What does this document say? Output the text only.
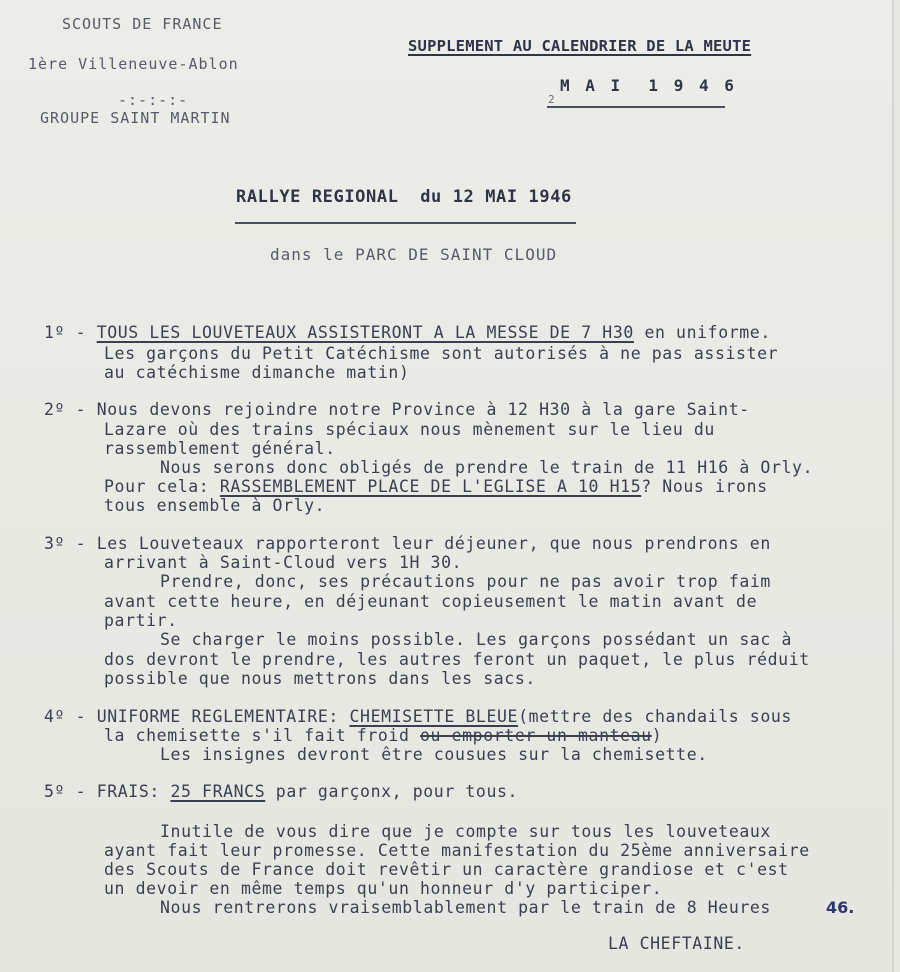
SCOUTS DE FRANCE
1ère Villeneuve-Ablon
-:-:-:-
GROUPE SAINT MARTIN
SUPPLEMENT AU CALENDRIER DE LA MEUTE
M A I  1 9 4 6
2
RALLYE REGIONAL  du 12 MAI 1946
dans le PARC DE SAINT CLOUD
1º - TOUS LES LOUVETEAUX ASSISTERONT A LA MESSE DE 7 H30 en uniforme.
Les garçons du Petit Catéchisme sont autorisés à ne pas assister
au catéchisme dimanche matin)
2º - Nous devons rejoindre notre Province à 12 H30 à la gare Saint-
Lazare où des trains spéciaux nous mènement sur le lieu du
rassemblement général.
Nous serons donc obligés de prendre le train de 11 H16 à Orly.
Pour cela: RASSEMBLEMENT PLACE DE L'EGLISE A 10 H15? Nous irons
tous ensemble à Orly.
3º - Les Louveteaux rapporteront leur déjeuner, que nous prendrons en
arrivant à Saint-Cloud vers 1H 30.
Prendre, donc, ses précautions pour ne pas avoir trop faim
avant cette heure, en déjeunant copieusement le matin avant de
partir.
Se charger le moins possible. Les garçons possédant un sac à
dos devront le prendre, les autres feront un paquet, le plus réduit
possible que nous mettrons dans les sacs.
4º - UNIFORME REGLEMENTAIRE: CHEMISETTE BLEUE(mettre des chandails sous
la chemisette s'il fait froid ou emporter un manteau)
Les insignes devront être cousues sur la chemisette.
5º - FRAIS: 25 FRANCS par garçonx, pour tous.
Inutile de vous dire que je compte sur tous les louveteaux
ayant fait leur promesse. Cette manifestation du 25ème anniversaire
des Scouts de France doit revêtir un caractère grandiose et c'est
un devoir en même temps qu'un honneur d'y participer.
Nous rentrerons vraisemblablement par le train de 8 Heures	46.
LA CHEFTAINE.
